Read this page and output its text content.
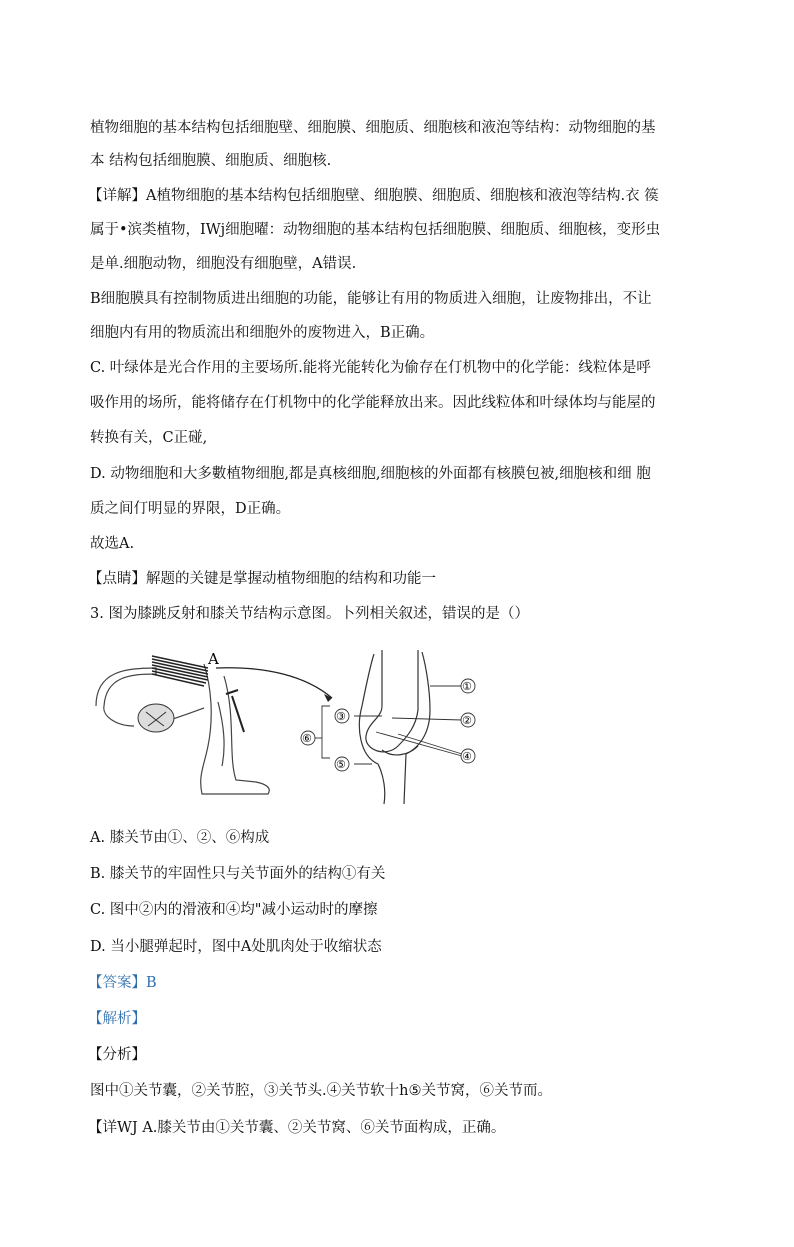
植物细胞的基本结构包括细胞壁、细胞膜、细胞质、细胞核和液泡等结构：动物细胞的基
本 结构包括细胞膜、细胞质、细胞核.
【详解】A植物细胞的基本结构包括细胞壁、细胞膜、细胞质、细胞核和液泡等结构.衣 篌
属于•滨类植物，IWj细胞曜：动物细胞的基本结构包括细胞膜、细胞质、细胞核，变形虫
是单.细胞动物，细胞没有细胞壁，A错误.
B细胞膜具有控制物质进出细胞的功能，能够让有用的物质进入细胞，让废物排出，不让
细胞内有用的物质流出和细胞外的废物进入，B正确。
C. 叶绿体是光合作用的主要场所.能将光能转化为偷存在仃机物中的化学能：线粒体是呼
吸作用的场所，能将储存在仃机物中的化学能释放出来。因此线粒体和叶绿体均与能屋的
转换有关，C正碰,
D. 动物细胞和大多數植物细胞,都是真核细胞,细胞核的外面都有核膜包被,细胞核和细 胞
质之间仃明显的界限，D正确。
故选A.
【点睛】解题的关键是掌握动植物细胞的结构和功能一
3. 图为膝跳反射和膝关节结构示意图。卜列相关叙述，错误的是（）
A
①
②
③
④
⑤
⑥
A. 膝关节由①、②、⑥构成
B. 膝关节的牢固性只与关节面外的结构①有关
C. 图中②内的滑液和④均"减小运动时的摩擦
D. 当小腿弹起时，图中A处肌肉处于收缩状态
【答案】B
【解析】
【分析】
图中①关节囊，②关节腔，③关节头.④关节软十h⑤关节窝，⑥关节而。
【详WJ A.膝关节由①关节囊、②关节窝、⑥关节面构成，正确。
